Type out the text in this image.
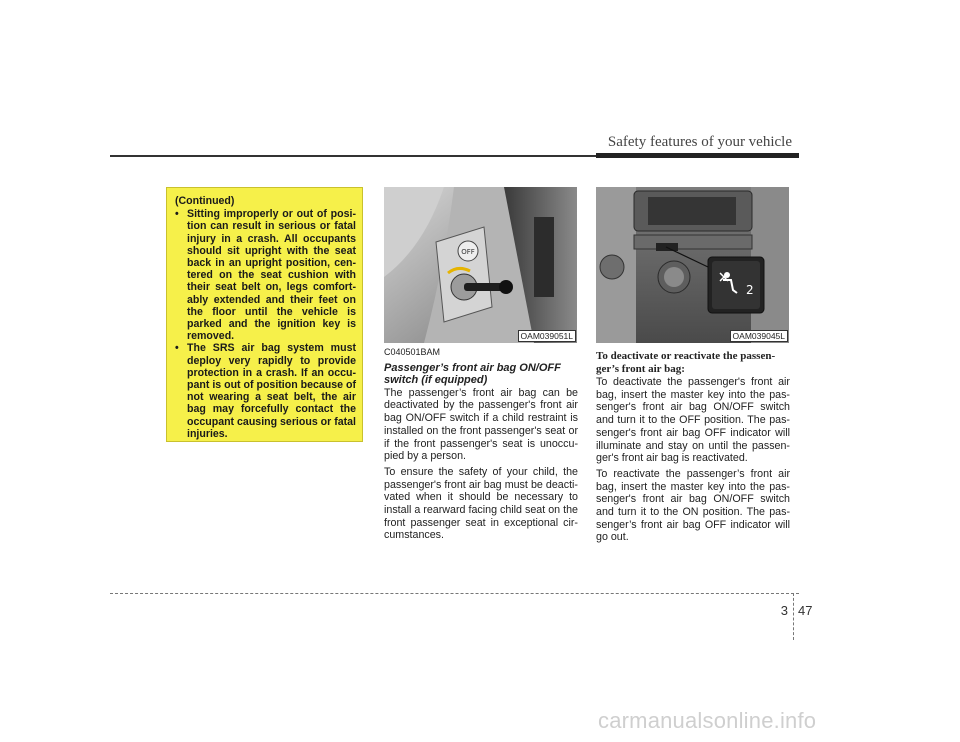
Safety features of your vehicle
(Continued)
• Sitting improperly or out of posi-tion can result in serious or fatal injury in a crash. All occupants should sit upright with the seat back in an upright position, cen-tered on the seat cushion with their seat belt on, legs comfort-ably extended and their feet on the floor until the vehicle is parked and the ignition key is removed.
• The SRS air bag system must deploy very rapidly to provide protection in a crash. If an occu-pant is out of position because of not wearing a seat belt, the air bag may forcefully contact the occupant causing serious or fatal injuries.
OFF
OAM039051L
2
OAM039045L
C040501BAM
Passenger’s front air bag ON/OFF switch (if equipped)

The passenger’s front air bag can be deactivated by the passenger's front air bag ON/OFF switch if a child restraint is installed on the front passenger's seat or if the front passenger's seat is unoccu-pied by a person.

To ensure the safety of your child, the passenger's front air bag must be deacti-vated when it should be necessary to install a rearward facing child seat on the front passenger seat in exceptional cir-cumstances.

To deactivate or reactivate the passen-ger’s front air bag:

To deactivate the passenger's front air bag, insert the master key into the pas-senger's front air bag ON/OFF switch and turn it to the OFF position. The pas-senger's front air bag OFF indicator will illuminate and stay on until the passen-ger's front air bag is reactivated.

To reactivate the passenger’s front air bag, insert the master key into the pas-senger's front air bag ON/OFF switch and turn it to the ON position. The pas-senger’s front air bag OFF indicator will go out.

3 47
carmanualsonline.info
